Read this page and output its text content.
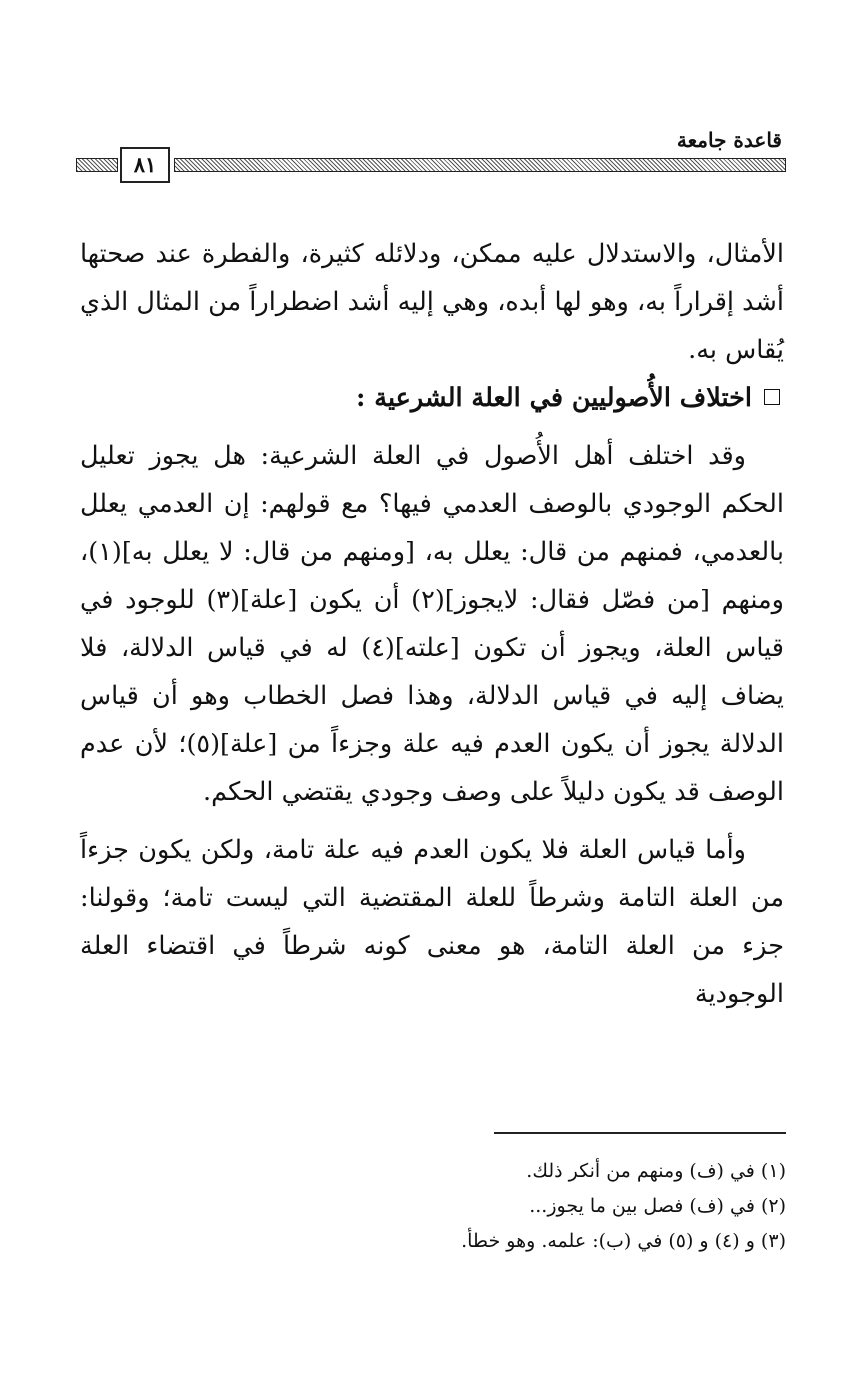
قاعدة جامعة
٨١

الأمثال، والاستدلال عليه ممكن، ودلائله كثيرة، والفطرة عند صحتها أشد إقراراً به، وهو لها أبده، وهي إليه أشد اضطراراً من المثال الذي يُقاس به.

اختلاف الأُصوليين في العلة الشرعية :

وقد اختلف أهل الأُصول في العلة الشرعية: هل يجوز تعليل الحكم الوجودي بالوصف العدمي فيها؟ مع قولهم: إن العدمي يعلل بالعدمي، فمنهم من قال: يعلل به، [ومنهم من قال: لا يعلل به](١)، ومنهم [من فصّل فقال: لايجوز](٢) أن يكون [علة](٣) للوجود في قياس العلة، ويجوز أن تكون [علته](٤) له في قياس الدلالة، فلا يضاف إليه في قياس الدلالة، وهذا فصل الخطاب وهو أن قياس الدلالة يجوز أن يكون العدم فيه علة وجزءاً من [علة](٥)؛ لأن عدم الوصف قد يكون دليلاً على وصف وجودي يقتضي الحكم.

وأما قياس العلة فلا يكون العدم فيه علة تامة، ولكن يكون جزءاً من العلة التامة وشرطاً للعلة المقتضية التي ليست تامة؛ وقولنا: جزء من العلة التامة، هو معنى كونه شرطاً في اقتضاء العلة الوجودية

(١) في (ف) ومنهم من أنكر ذلك.
(٢) في (ف) فصل بين ما يجوز...
(٣) و (٤) و (٥) في (ب): علمه. وهو خطأ.
